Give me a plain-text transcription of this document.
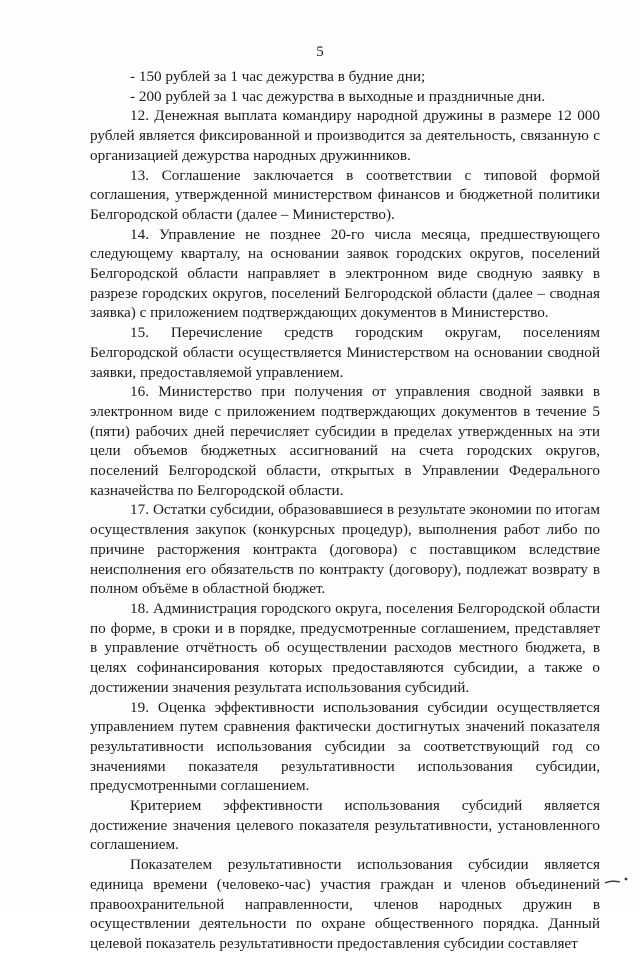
5

- 150 рублей за 1 час дежурства в будние дни;

- 200 рублей за 1 час дежурства в выходные и праздничные дни.

12. Денежная выплата командиру народной дружины в размере 12 000 рублей является фиксированной и производится за деятельность, связанную с организацией дежурства народных дружинников.

13. Соглашение заключается в соответствии с типовой формой соглашения, утвержденной министерством финансов и бюджетной политики Белгородской области (далее – Министерство).

14. Управление не позднее 20-го числа месяца, предшествующего следующему кварталу, на основании заявок городских округов, поселений Белгородской области направляет в электронном виде сводную заявку в разрезе городских округов, поселений Белгородской области (далее – сводная заявка) с приложением подтверждающих документов в Министерство.

15. Перечисление средств городским округам, поселениям Белгородской области осуществляется Министерством на основании сводной заявки, предоставляемой управлением.

16. Министерство при получения от управления сводной заявки в электронном виде с приложением подтверждающих документов в течение 5 (пяти) рабочих дней перечисляет субсидии в пределах утвержденных на эти цели объемов бюджетных ассигнований на счета городских округов, поселений Белгородской области, открытых в Управлении Федерального казначейства по Белгородской области.

17. Остатки субсидии, образовавшиеся в результате экономии по итогам осуществления закупок (конкурсных процедур), выполнения работ либо по причине расторжения контракта (договора) с поставщиком вследствие неисполнения его обязательств по контракту (договору), подлежат возврату в полном объёме в областной бюджет.

18. Администрация городского округа, поселения Белгородской области по форме, в сроки и в порядке, предусмотренные соглашением, представляет в управление отчётность об осуществлении расходов местного бюджета, в целях софинансирования которых предоставляются субсидии, а также о достижении значения результата использования субсидий.

19. Оценка эффективности использования субсидии осуществляется управлением путем сравнения фактически достигнутых значений показателя результативности использования субсидии за соответствующий год со значениями показателя результативности использования субсидии, предусмотренными соглашением.

Критерием эффективности использования субсидий является достижение значения целевого показателя результативности, установленного соглашением.

Показателем результативности использования субсидии является единица времени (человеко-час) участия граждан и членов объединений правоохранительной направленности, членов народных дружин в осуществлении деятельности по охране общественного порядка. Данный целевой показатель результативности предоставления субсидии составляет
